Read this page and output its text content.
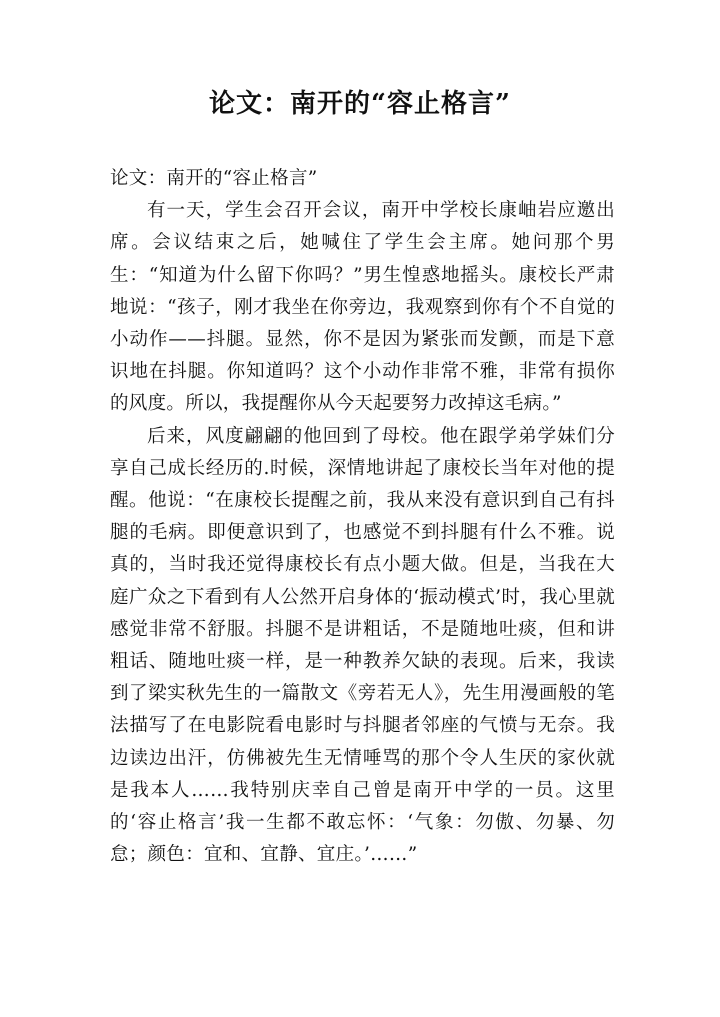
论文：南开的“容止格言”

论文：南开的“容止格言”

有一天，学生会召开会议，南开中学校长康岫岩应邀出席。会议结束之后，她喊住了学生会主席。她问那个男生：“知道为什么留下你吗？”男生惶惑地摇头。康校长严肃地说：“孩子，刚才我坐在你旁边，我观察到你有个不自觉的小动作——抖腿。显然，你不是因为紧张而发颤，而是下意识地在抖腿。你知道吗？这个小动作非常不雅，非常有损你的风度。所以，我提醒你从今天起要努力改掉这毛病。”

后来，风度翩翩的他回到了母校。他在跟学弟学妹们分享自己成长经历的.时候，深情地讲起了康校长当年对他的提醒。他说：“在康校长提醒之前，我从来没有意识到自己有抖腿的毛病。即便意识到了，也感觉不到抖腿有什么不雅。说真的，当时我还觉得康校长有点小题大做。但是，当我在大庭广众之下看到有人公然开启身体的‘振动模式’时，我心里就感觉非常不舒服。抖腿不是讲粗话，不是随地吐痰，但和讲粗话、随地吐痰一样，是一种教养欠缺的表现。后来，我读到了梁实秋先生的一篇散文《旁若无人》，先生用漫画般的笔法描写了在电影院看电影时与抖腿者邻座的气愤与无奈。我边读边出汗，仿佛被先生无情唾骂的那个令人生厌的家伙就是我本人……我特别庆幸自己曾是南开中学的一员。这里的‘容止格言’我一生都不敢忘怀：‘气象：勿傲、勿暴、勿怠；颜色：宜和、宜静、宜庄。’……”
